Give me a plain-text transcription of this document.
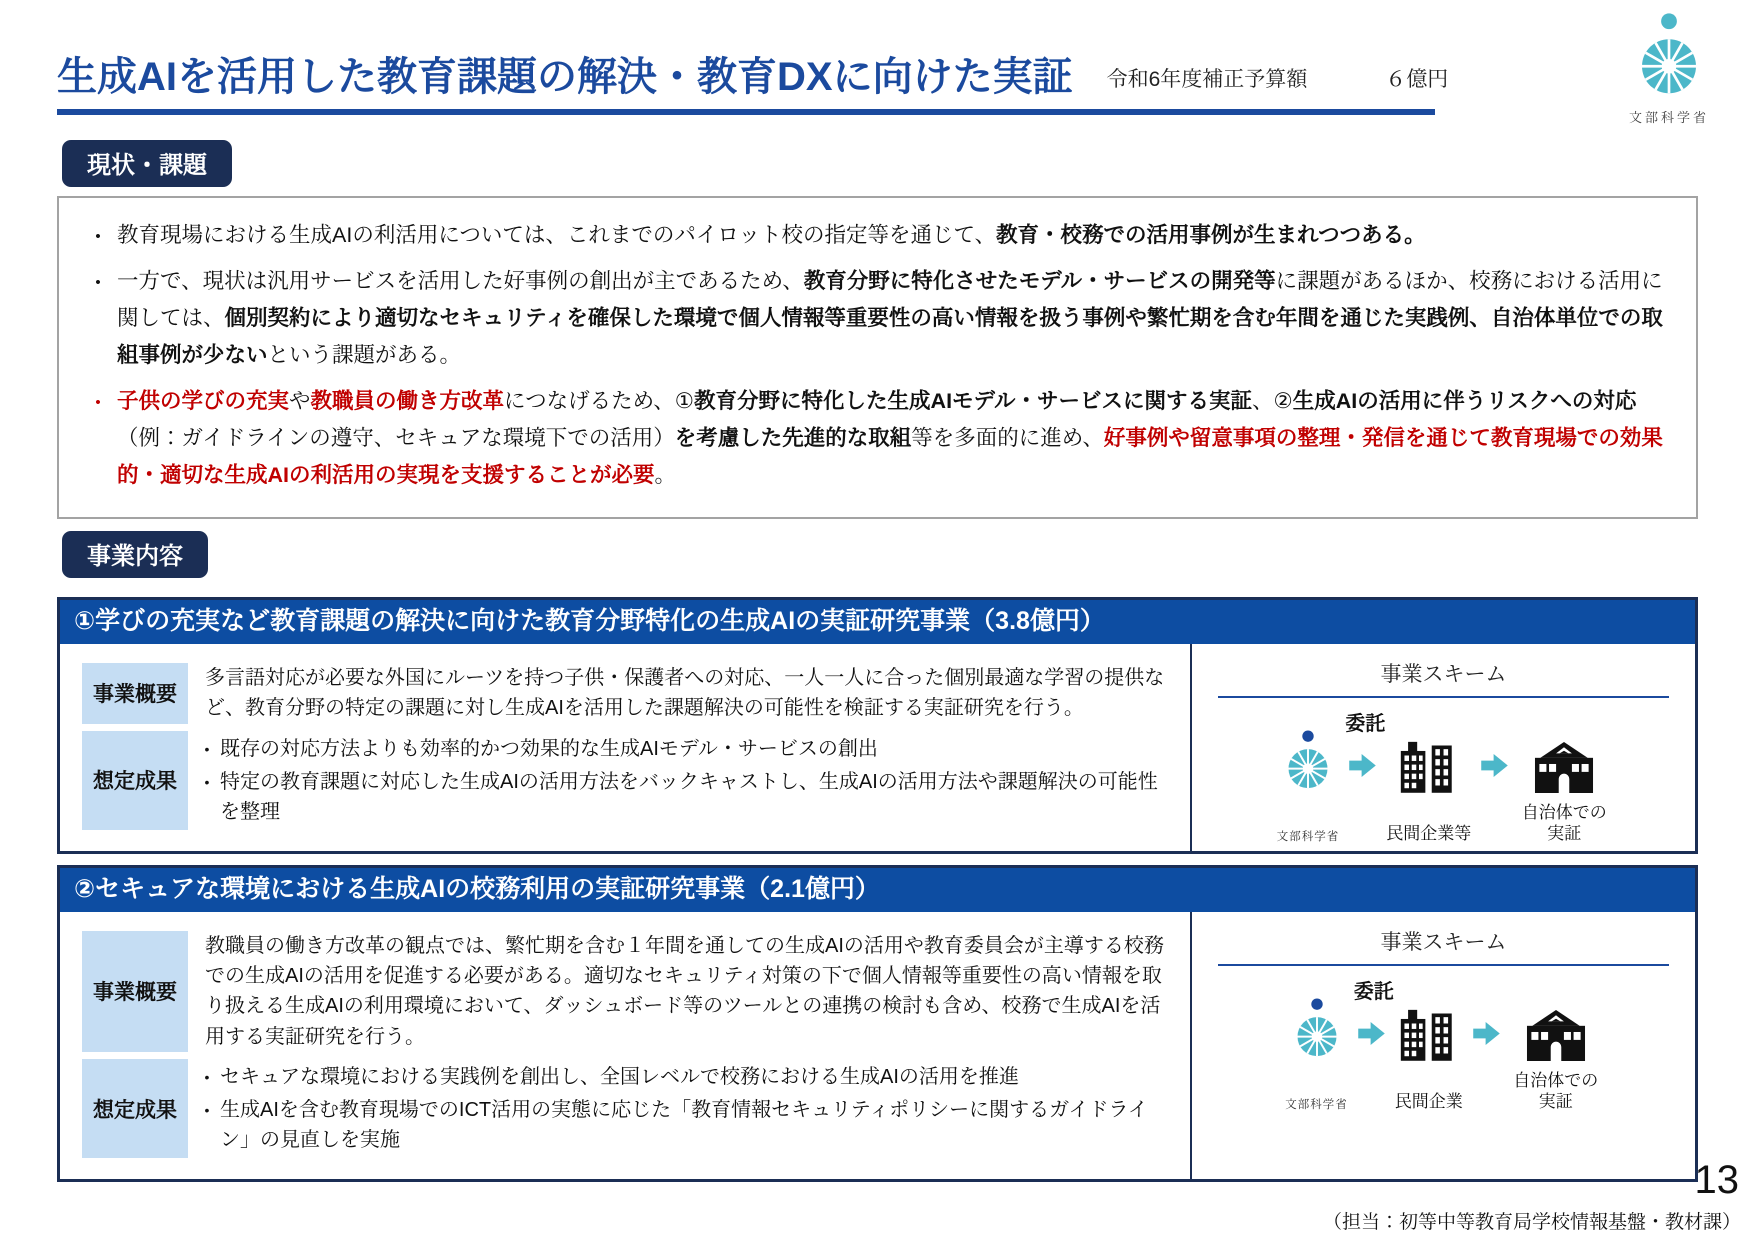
生成AIを活用した教育課題の解決・教育DXに向けた実証 令和6年度補正予算額	６億円
文部科学省
現状・課題
• 教育現場における生成AIの利活用については、これまでのパイロット校の指定等を通じて、教育・校務での活用事例が生まれつつある。

• 一方で、現状は汎用サービスを活用した好事例の創出が主であるため、教育分野に特化させたモデル・サービスの開発等に課題があるほか、校務における活用に関しては、個別契約により適切なセキュリティを確保した環境で個人情報等重要性の高い情報を扱う事例や繁忙期を含む年間を通じた実践例、自治体単位での取組事例が少ないという課題がある。

• 子供の学びの充実や教職員の働き方改革につなげるため、①教育分野に特化した生成AIモデル・サービスに関する実証、②生成AIの活用に伴うリスクへの対応（例：ガイドラインの遵守、セキュアな環境下での活用）を考慮した先進的な取組等を多面的に進め、好事例や留意事項の整理・発信を通じて教育現場での効果的・適切な生成AIの利活用の実現を支援することが必要。

事業内容
①学びの充実など教育課題の解決に向けた教育分野特化の生成AIの実証研究事業（3.8億円）
事業概要
多言語対応が必要な外国にルーツを持つ子供・保護者への対応、一人一人に合った個別最適な学習の提供など、教育分野の特定の課題に対し生成AIを活用した課題解決の可能性を検証する実証研究を行う。
想定成果
• 既存の対応方法よりも効率的かつ効果的な生成AIモデル・サービスの創出
• 特定の教育課題に対応した生成AIの活用方法をバックキャストし、生成AIの活用方法や課題解決の可能性を整理
事業スキーム
委託
文部科学省	民間企業等
自治体での実証
②セキュアな環境における生成AIの校務利用の実証研究事業（2.1億円）
事業概要
教職員の働き方改革の観点では、繁忙期を含む１年間を通しての生成AIの活用や教育委員会が主導する校務での生成AIの活用を促進する必要がある。適切なセキュリティ対策の下で個人情報等重要性の高い情報を取り扱える生成AIの利用環境において、ダッシュボード等のツールとの連携の検討も含め、校務で生成AIを活用する実証研究を行う。
想定成果
• セキュアな環境における実践例を創出し、全国レベルで校務における生成AIの活用を推進
• 生成AIを含む教育現場でのICT活用の実態に応じた「教育情報セキュリティポリシーに関するガイドライン」の見直しを実施
事業スキーム
委託
文部科学省	民間企業
自治体での実証
13
（担当：初等中等教育局学校情報基盤・教材課）
